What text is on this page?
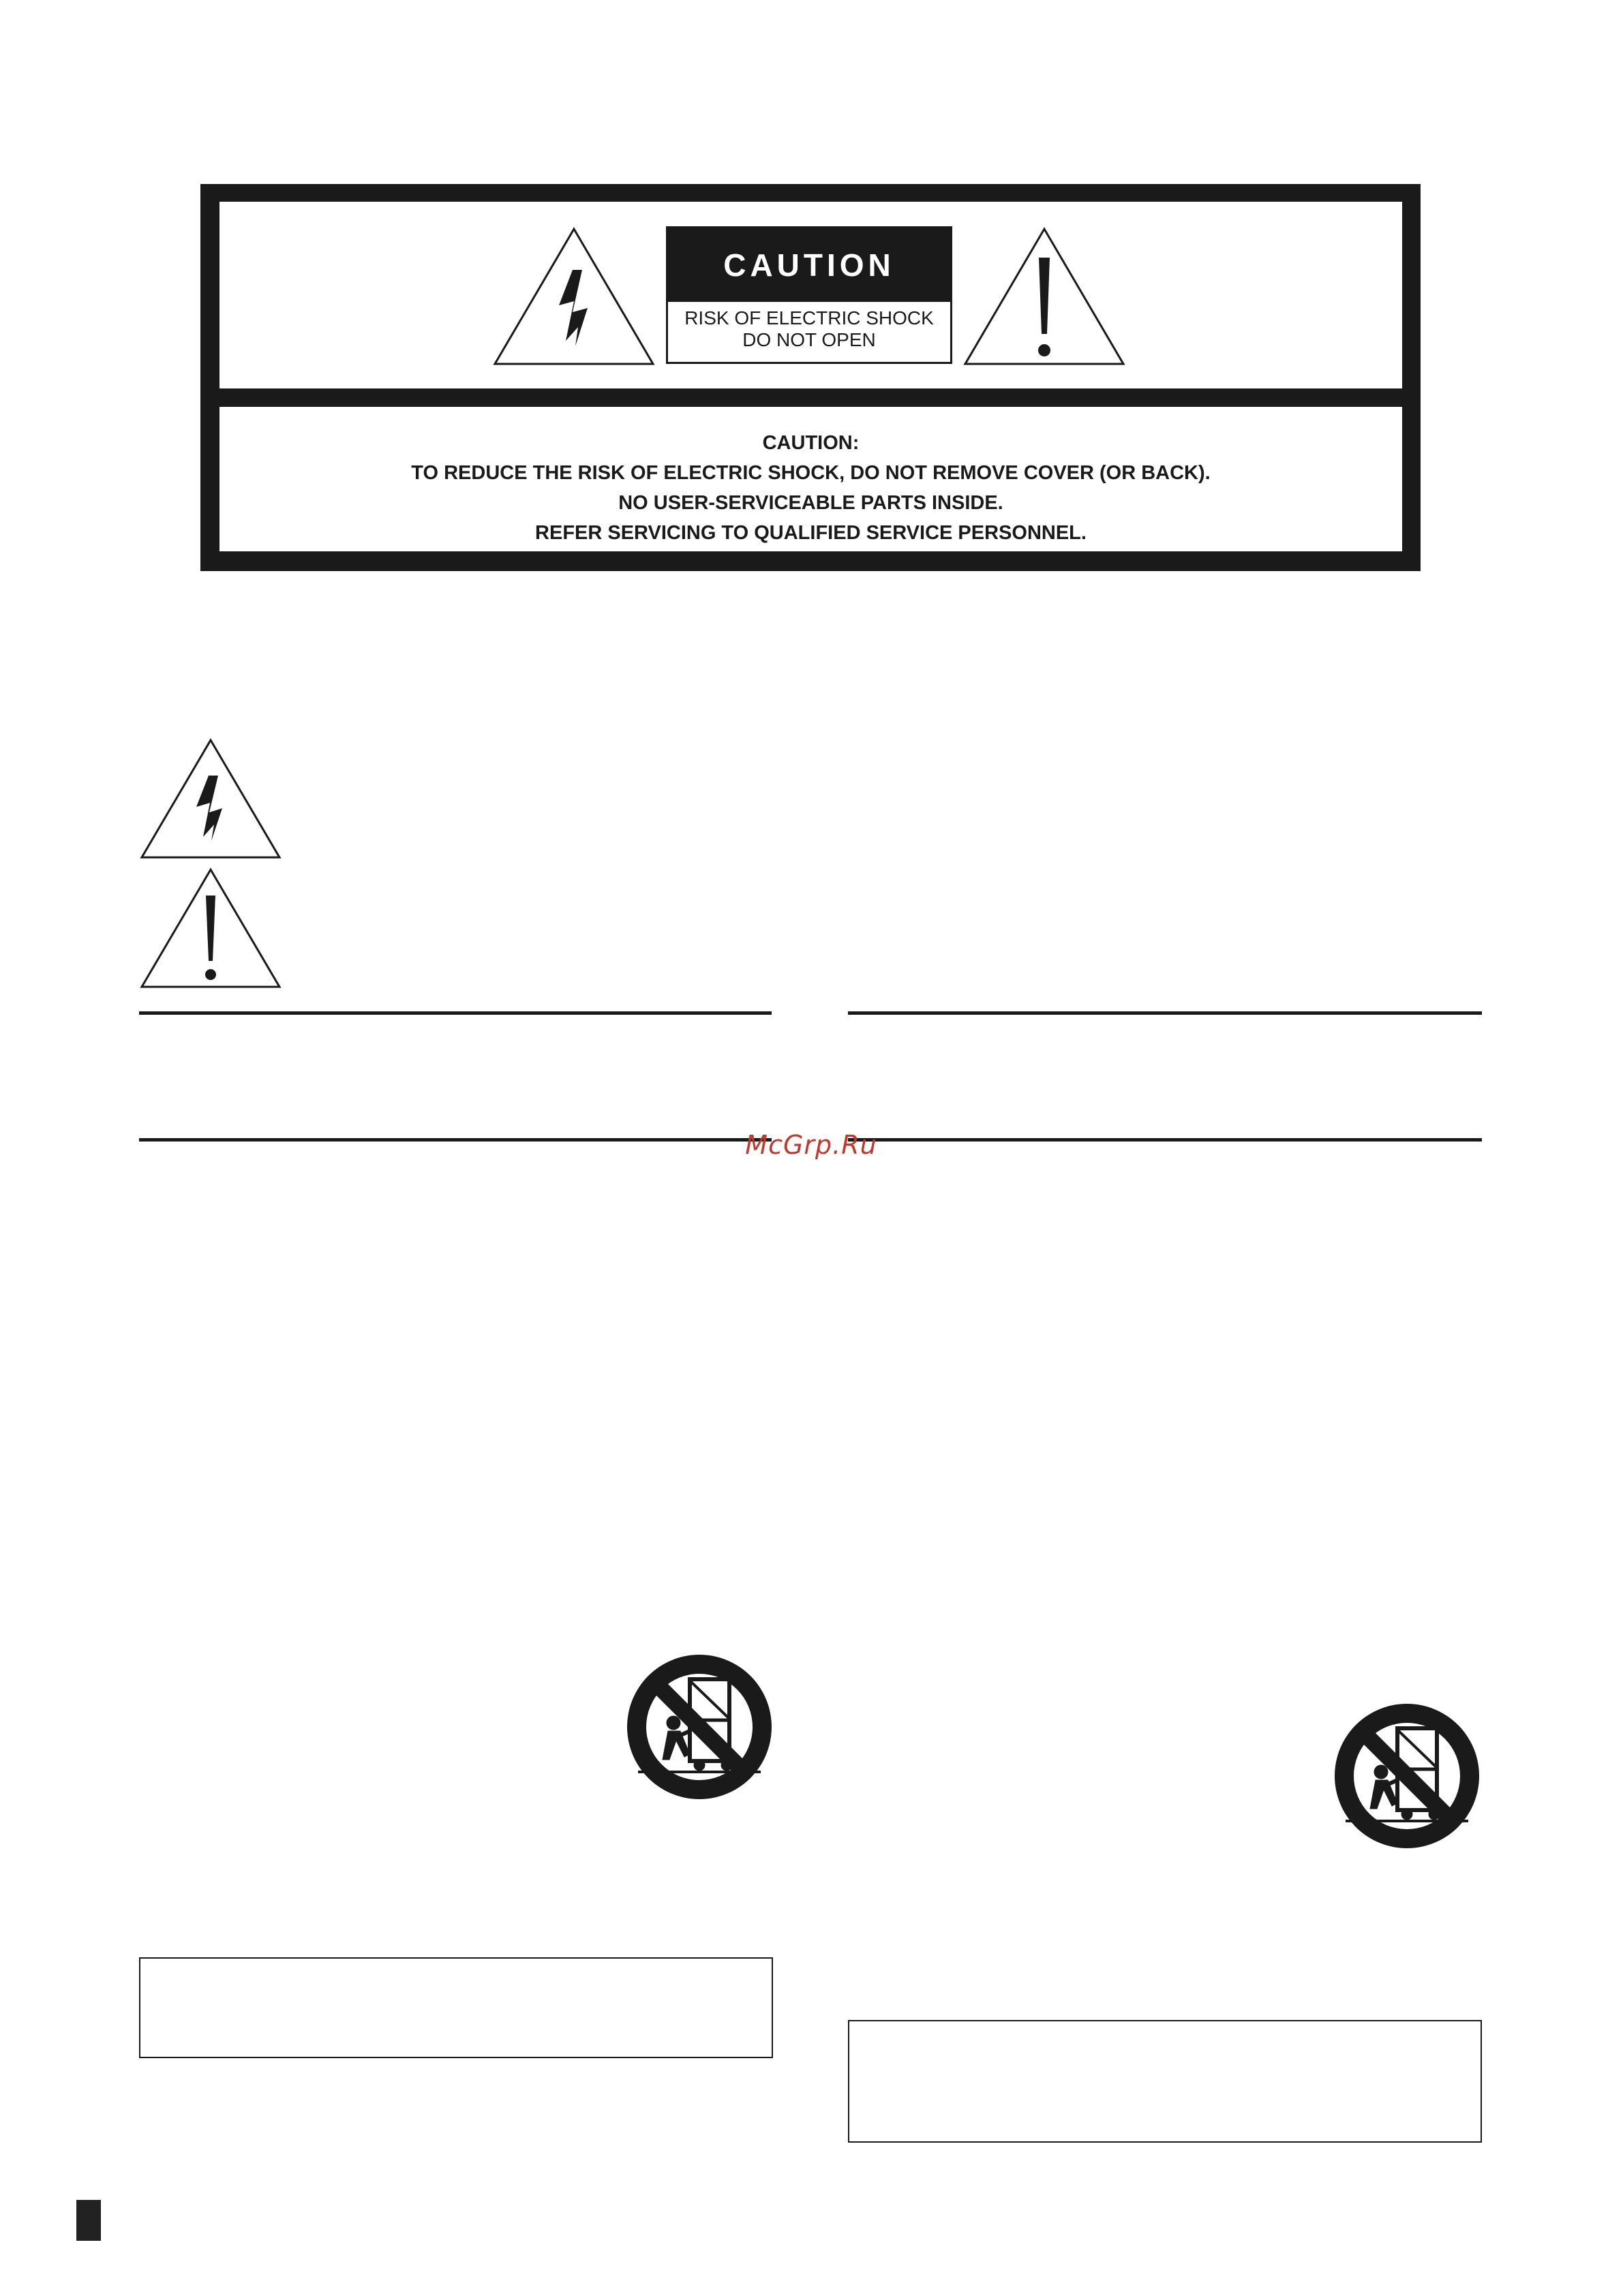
CAUTION
RISK OF ELECTRIC SHOCK
DO NOT OPEN
CAUTION:
TO REDUCE THE RISK OF ELECTRIC SHOCK, DO NOT REMOVE COVER (OR BACK).
NO USER-SERVICEABLE PARTS INSIDE.
REFER SERVICING TO QUALIFIED SERVICE PERSONNEL.
McGrp.Ru
